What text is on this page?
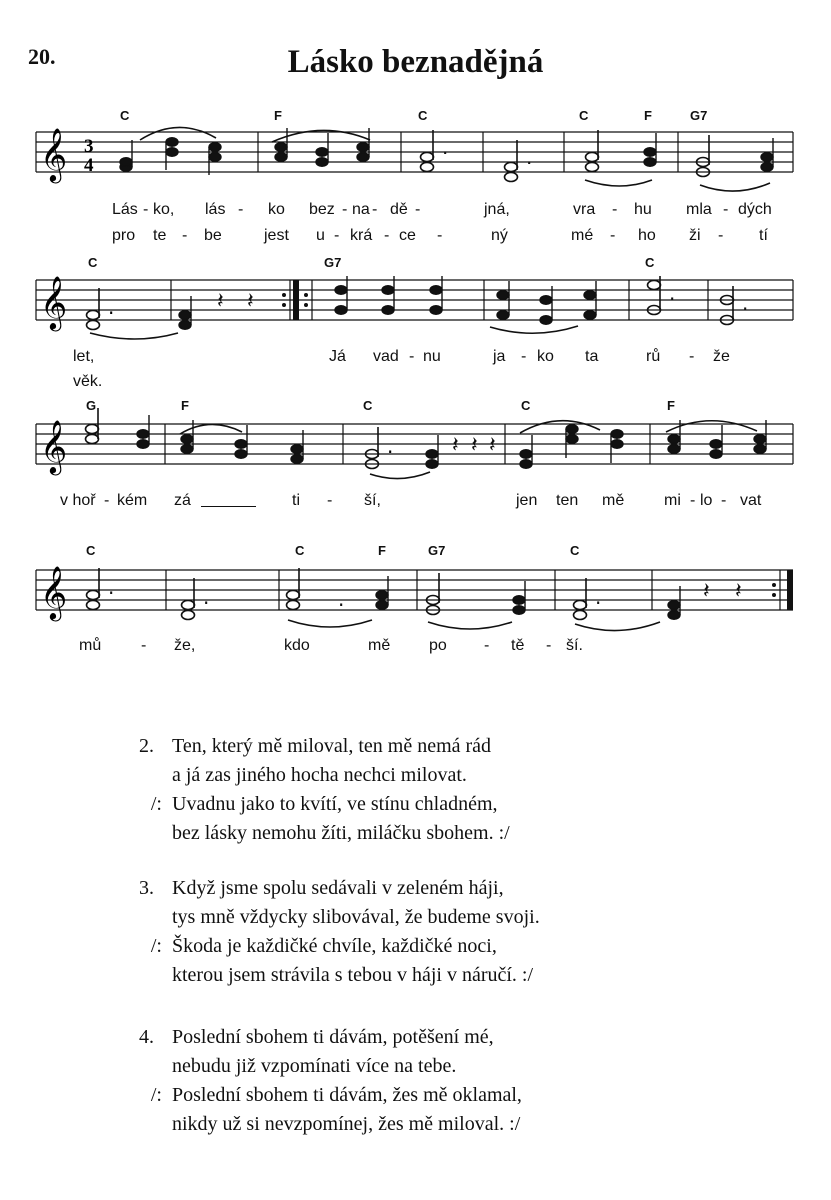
20.	Lásko beznadějná
C	F	C	C	F	G7
𝄞 3
4
·	·
Lás - ko, lás - ko bez - na - dě -	jná,	vra - hu mla - dých
pro te - be	jest u - krá - ce -	ný	mé - ho ži - tí
C	G7	C
𝄞 ·	𝄽 𝄽	·	·
let,	Já vad - nu	ja - ko ta	rů - že
věk.
G	F	C	C	F
𝄞	·	𝄽 𝄽 𝄽
v hoř - kém zá	ti - ší,	jen ten mě mi - lo - vat
C	C	F	G7	C
𝄞 ·	·	·
·
𝄽 𝄽
mů - že,	kdo	mě po - tě - ší.
2. Ten, který mě miloval, ten mě nemá rád
a já zas jiného hocha nechci milovat.
/: Uvadnu jako to kvítí, ve stínu chladném,
bez lásky nemohu žíti, miláčku sbohem. :/
3. Když jsme spolu sedávali v zeleném háji,
tys mně vždycky slibovával, že budeme svoji.
/: Škoda je každičké chvíle, každičké noci,
kterou jsem strávila s tebou v háji v náručí. :/
4. Poslední sbohem ti dávám, potěšení mé,
nebudu již vzpomínati více na tebe.
/: Poslední sbohem ti dávám, žes mě oklamal,
nikdy už si nevzpomínej, žes mě miloval. :/
